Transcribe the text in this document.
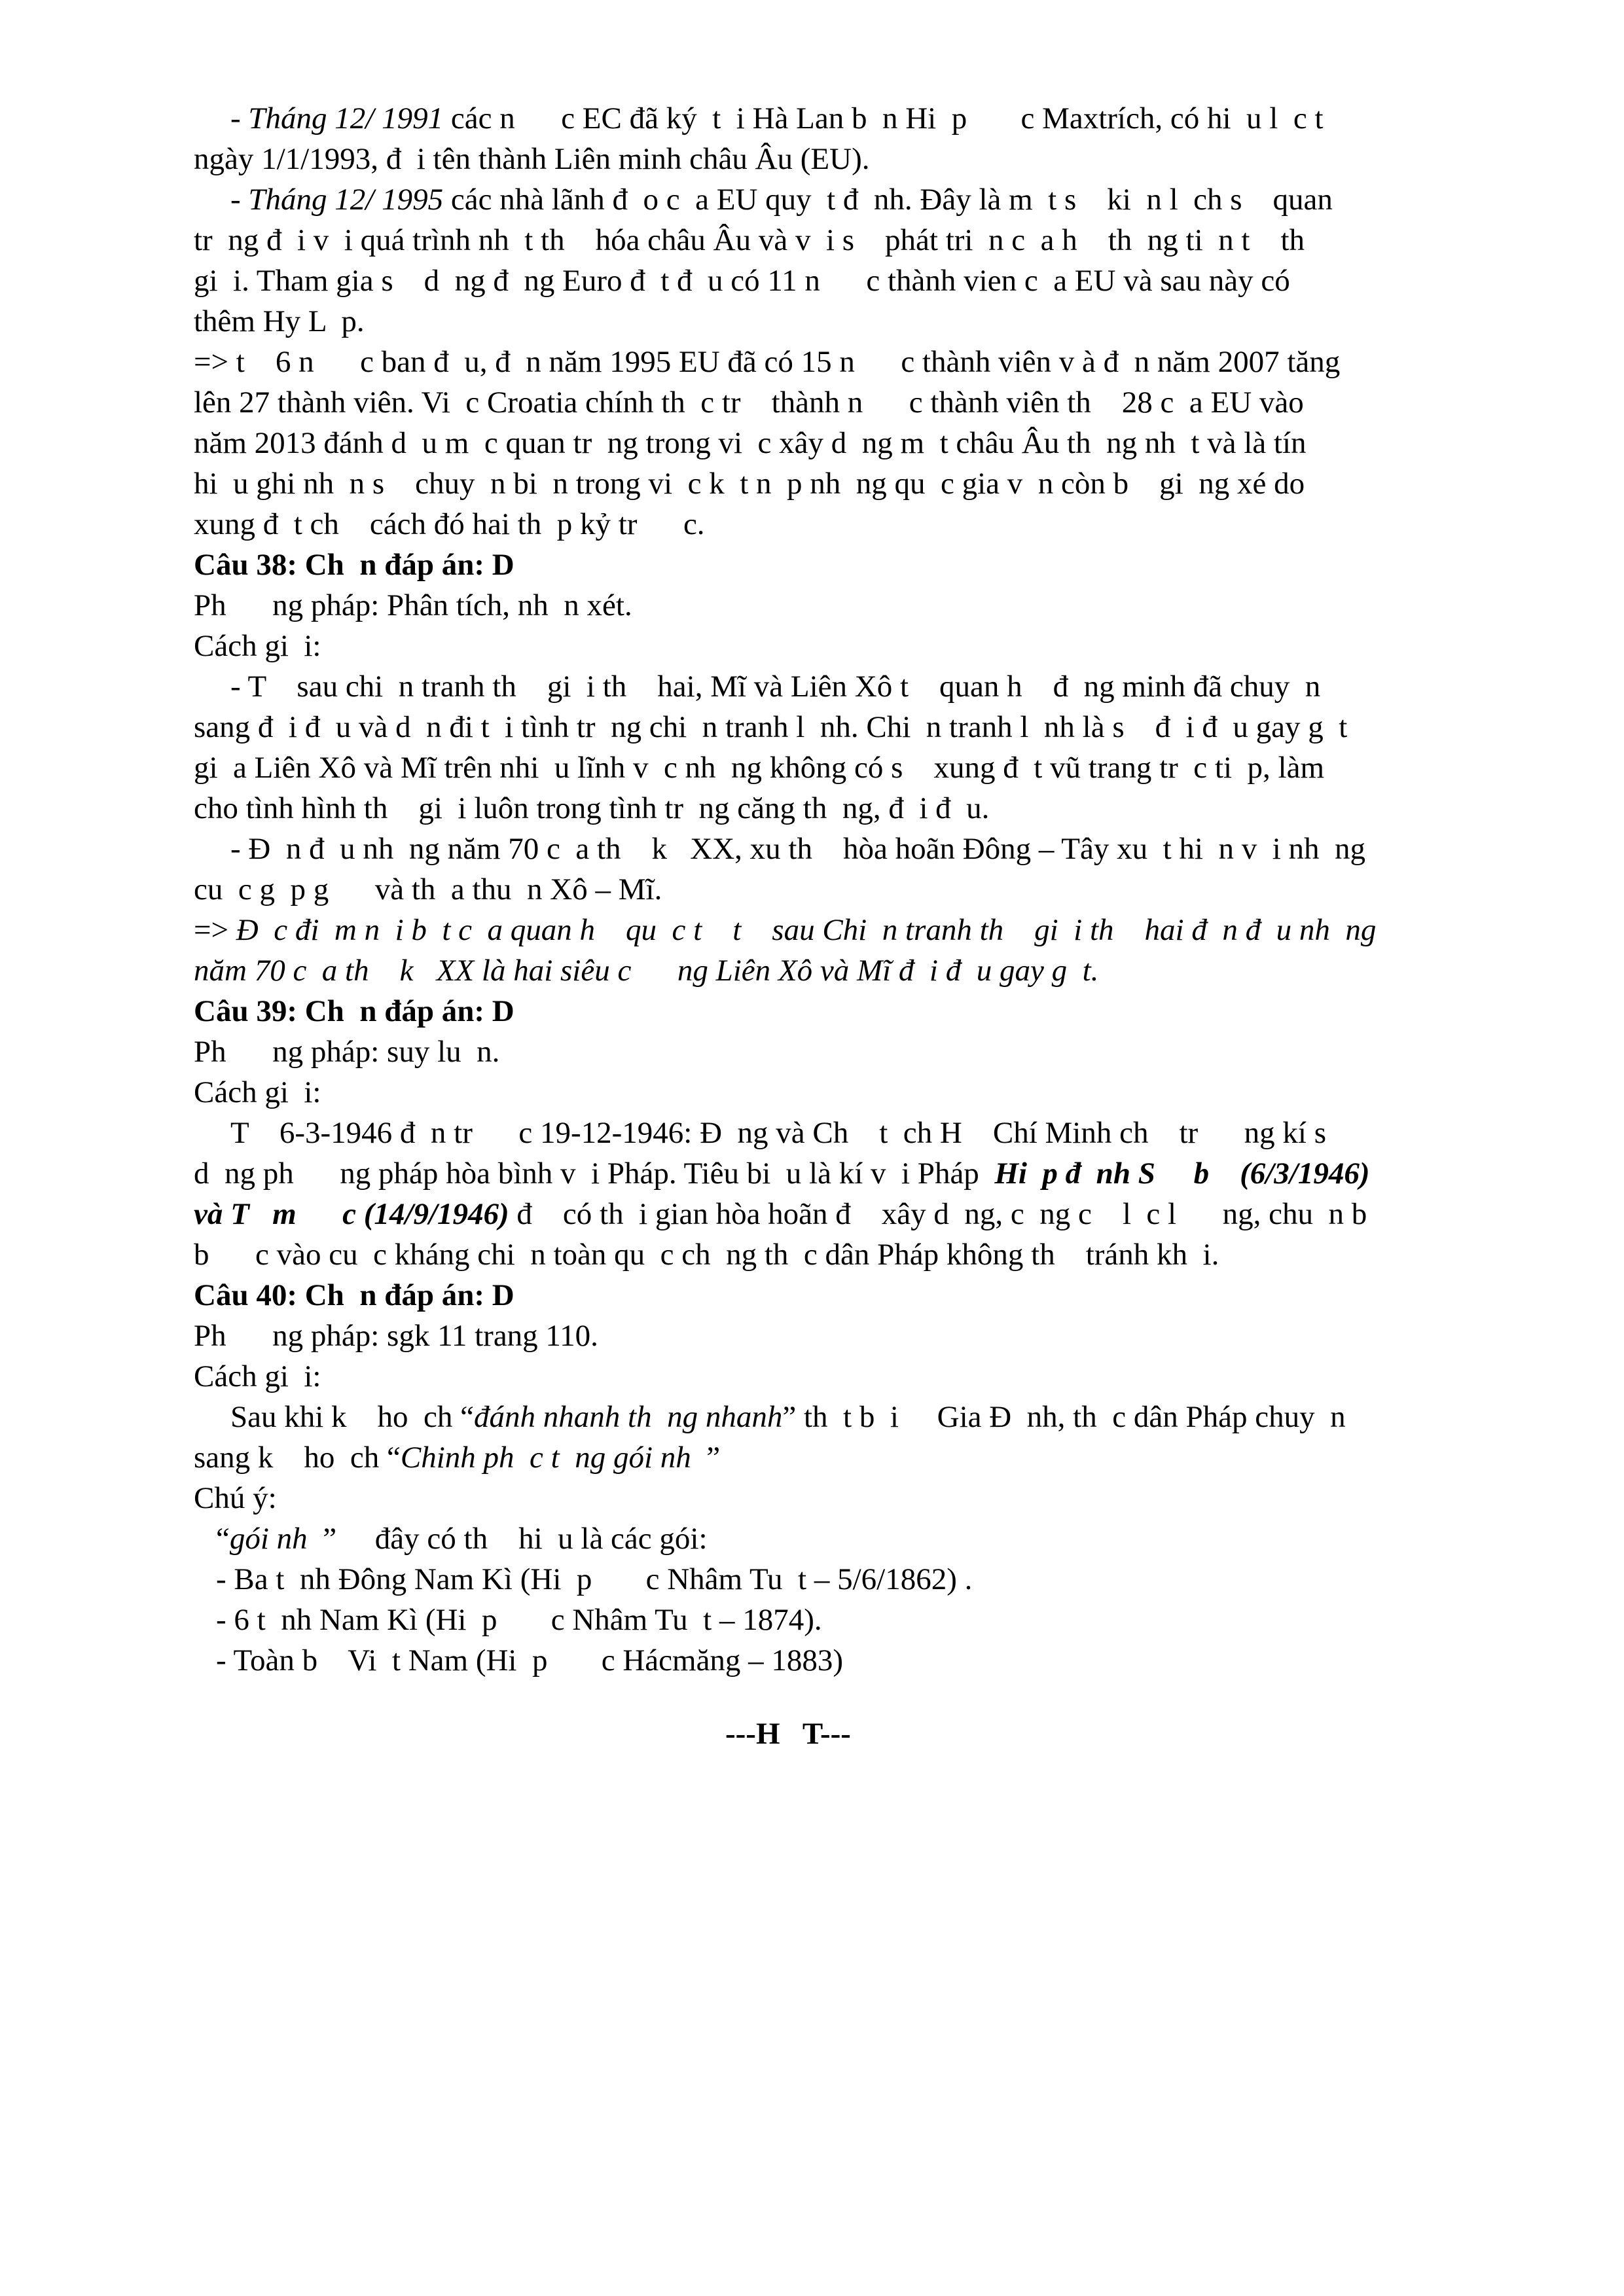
- Tháng 12/ 1991 các n      c EC đã ký  t  i Hà Lan b  n Hi  p       c Maxtrích, có hi  u l  c t
ngày 1/1/1993, đ  i tên thành Liên minh châu Âu (EU).
- Tháng 12/ 1995 các nhà lãnh đ  o c  a EU quy  t đ  nh. Đây là m  t s    ki  n l  ch s    quan
tr  ng đ  i v  i quá trình nh  t th    hóa châu Âu và v  i s    phát tri  n c  a h    th  ng ti  n t    th
gi  i. Tham gia s    d  ng đ  ng Euro đ  t đ  u có 11 n      c thành vien c  a EU và sau này có
thêm Hy L  p.
=> t    6 n      c ban đ  u, đ  n năm 1995 EU đã có 15 n      c thành viên v à đ  n năm 2007 tăng
lên 27 thành viên. Vi  c Croatia chính th  c tr    thành n      c thành viên th    28 c  a EU vào
năm 2013 đánh d  u m  c quan tr  ng trong vi  c xây d  ng m  t châu Âu th  ng nh  t và là tín
hi  u ghi nh  n s    chuy  n bi  n trong vi  c k  t n  p nh  ng qu  c gia v  n còn b    gi  ng xé do
xung đ  t ch    cách đó hai th  p kỷ tr      c.
Câu 38: Ch  n đáp án: D
Ph      ng pháp: Phân tích, nh  n xét.
Cách gi  i:
- T    sau chi  n tranh th    gi  i th    hai, Mĩ và Liên Xô t    quan h    đ  ng minh đã chuy  n
sang đ  i đ  u và d  n đi t  i tình tr  ng chi  n tranh l  nh. Chi  n tranh l  nh là s    đ  i đ  u gay g  t
gi  a Liên Xô và Mĩ trên nhi  u lĩnh v  c nh  ng không có s    xung đ  t vũ trang tr  c ti  p, làm
cho tình hình th    gi  i luôn trong tình tr  ng căng th  ng, đ  i đ  u.
- Đ  n đ  u nh  ng năm 70 c  a th    k   XX, xu th    hòa hoãn Đông – Tây xu  t hi  n v  i nh  ng
cu  c g  p g      và th  a thu  n Xô – Mĩ.
=> Đ  c đi  m n  i b  t c  a quan h    qu  c t    t    sau Chi  n tranh th    gi  i th    hai đ  n đ  u nh  ng
năm 70 c  a th    k   XX là hai siêu c      ng Liên Xô và Mĩ đ  i đ  u gay g  t.
Câu 39: Ch  n đáp án: D
Ph      ng pháp: suy lu  n.
Cách gi  i:
T    6-3-1946 đ  n tr      c 19-12-1946: Đ  ng và Ch    t  ch H    Chí Minh ch    tr      ng kí s
d  ng ph      ng pháp hòa bình v  i Pháp. Tiêu bi  u là kí v  i Pháp  Hi  p đ  nh S     b    (6/3/1946)
và T   m      c (14/9/1946) đ    có th  i gian hòa hoãn đ    xây d  ng, c  ng c    l  c l      ng, chu  n b
b      c vào cu  c kháng chi  n toàn qu  c ch  ng th  c dân Pháp không th    tránh kh  i.
Câu 40: Ch  n đáp án: D
Ph      ng pháp: sgk 11 trang 110.
Cách gi  i:
Sau khi k    ho  ch “đánh nhanh th  ng nhanh” th  t b  i     Gia Đ  nh, th  c dân Pháp chuy  n
sang k    ho  ch “Chinh ph  c t  ng gói nh  ”
Chú ý:
“gói nh  ”     đây có th    hi  u là các gói:
- Ba t  nh Đông Nam Kì (Hi  p       c Nhâm Tu  t – 5/6/1862) .
- 6 t  nh Nam Kì (Hi  p       c Nhâm Tu  t – 1874).
- Toàn b    Vi  t Nam (Hi  p       c Hácmăng – 1883)
---H   T---
